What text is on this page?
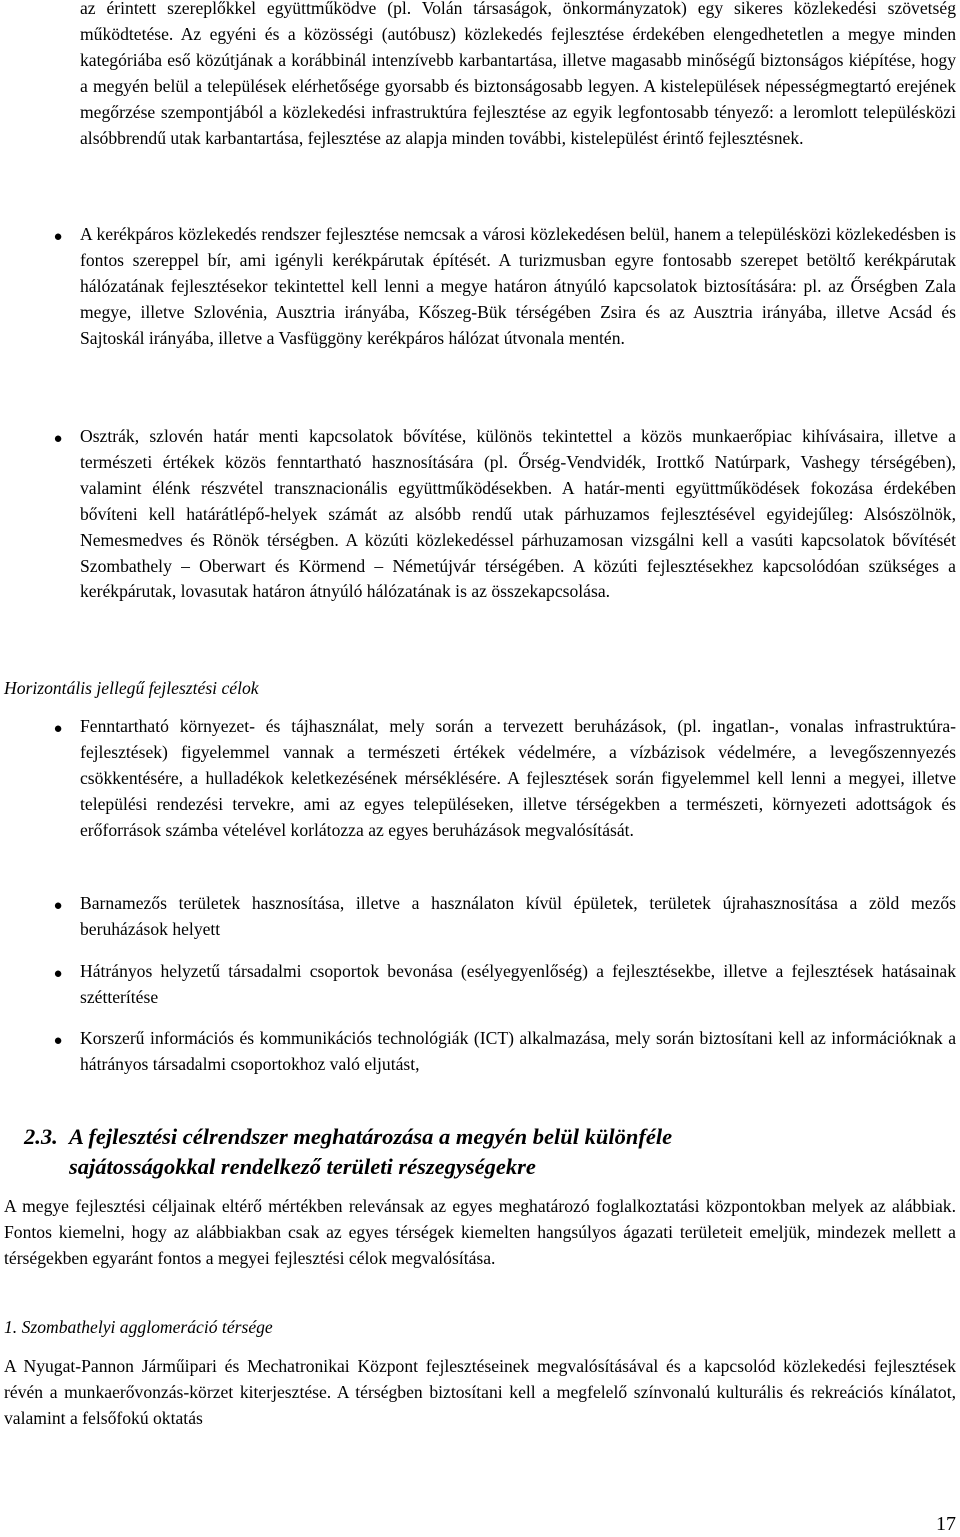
az érintett szereplőkkel együttműködve (pl. Volán társaságok, önkormányzatok) egy sikeres közlekedési szövetség működtetése. Az egyéni és a közösségi (autóbusz) közlekedés fejlesztése érdekében elengedhetetlen a megye minden kategóriába eső közútjának a korábbinál intenzívebb karbantartása, illetve magasabb minőségű biztonságos kiépítése, hogy a megyén belül a települések elérhetősége gyorsabb és biztonságosabb legyen. A kistelepülések népességmegtartó erejének megőrzése szempontjából a közlekedési infrastruktúra fejlesztése az egyik legfontosabb tényező: a leromlott településközi alsóbbrendű utak karbantartása, fejlesztése az alapja minden további, kistelepülést érintő fejlesztésnek.

● A kerékpáros közlekedés rendszer fejlesztése nemcsak a városi közlekedésen belül, hanem a településközi közlekedésben is fontos szereppel bír, ami igényli kerékpárutak építését. A turizmusban egyre fontosabb szerepet betöltő kerékpárutak hálózatának fejlesztésekor tekintettel kell lenni a megye határon átnyúló kapcsolatok biztosítására: pl. az Őrségben Zala megye, illetve Szlovénia, Ausztria irányába, Kőszeg-Bük térségében Zsira és az Ausztria irányába, illetve Acsád és Sajtoskál irányába, illetve a Vasfüggöny kerékpáros hálózat útvonala mentén.

● Osztrák, szlovén határ menti kapcsolatok bővítése, különös tekintettel a közös munkaerőpiac kihívásaira, illetve a természeti értékek közös fenntartható hasznosítására (pl. Őrség-Vendvidék, Irottkő Natúrpark, Vashegy térségében), valamint élénk részvétel transznacionális együttműködésekben. A határ-menti együttműködések fokozása érdekében bővíteni kell határátlépő-helyek számát az alsóbb rendű utak párhuzamos fejlesztésével egyidejűleg: Alsószölnök, Nemesmedves és Rönök térségben. A közúti közlekedéssel párhuzamosan vizsgálni kell a vasúti kapcsolatok bővítését Szombathely – Oberwart és Körmend – Németújvár térségében. A közúti fejlesztésekhez kapcsolódóan szükséges a kerékpárutak, lovasutak határon átnyúló hálózatának is az összekapcsolása.

Horizontális jellegű fejlesztési célok

● Fenntartható környezet- és tájhasználat, mely során a tervezett beruházások, (pl. ingatlan-, vonalas infrastruktúra-fejlesztések) figyelemmel vannak a természeti értékek védelmére, a vízbázisok védelmére, a levegőszennyezés csökkentésére, a hulladékok keletkezésének mérséklésére. A fejlesztések során figyelemmel kell lenni a megyei, illetve települési rendezési tervekre, ami az egyes településeken, illetve térségekben a természeti, környezeti adottságok és erőforrások számba vételével korlátozza az egyes beruházások megvalósítását.

● Barnamezős területek hasznosítása, illetve a használaton kívül épületek, területek újrahasznosítása a zöld mezős beruházások helyett

● Hátrányos helyzetű társadalmi csoportok bevonása (esélyegyenlőség) a fejlesztésekbe, illetve a fejlesztések hatásainak szétterítése

● Korszerű információs és kommunikációs technológiák (ICT) alkalmazása, mely során biztosítani kell az információknak a hátrányos társadalmi csoportokhoz való eljutást,

2.3. A fejlesztési célrendszer meghatározása a megyén belül különféle
sajátosságokkal rendelkező területi részegységekre

A megye fejlesztési céljainak eltérő mértékben relevánsak az egyes meghatározó foglalkoztatási központokban melyek az alábbiak. Fontos kiemelni, hogy az alábbiakban csak az egyes térségek kiemelten hangsúlyos ágazati területeit emeljük, mindezek mellett a térségekben egyaránt fontos a megyei fejlesztési célok megvalósítása.

1. Szombathelyi agglomeráció térsége

A Nyugat-Pannon Járműipari és Mechatronikai Központ fejlesztéseinek megvalósításával és a kapcsolód közlekedési fejlesztések révén a munkaerővonzás-körzet kiterjesztése. A térségben biztosítani kell a megfelelő színvonalú kulturális és rekreációs kínálatot, valamint a felsőfokú oktatás

17
